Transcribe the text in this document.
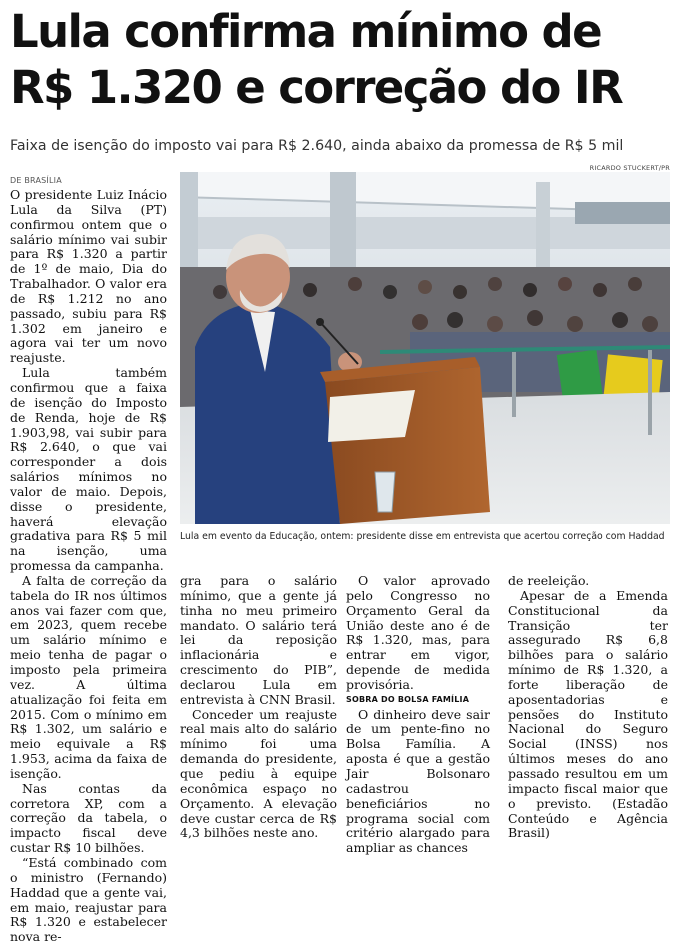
Lula confirma mínimo de
R$ 1.320 e correção do IR
Faixa de isenção do imposto vai para R$ 2.640, ainda abaixo da promessa de R$ 5 mil
DE BRASÍLIA
RICARDO STUCKERT/PR
Lula em evento da Educação, ontem: presidente disse em entrevista que acertou correção com Haddad

O presidente Luiz Inácio Lula da Silva (PT) confirmou ontem que o salário mínimo vai subir para R$ 1.320 a partir de 1º de maio, Dia do Trabalhador. O valor era de R$ 1.212 no ano passado, subiu para R$ 1.302 em janeiro e agora vai ter um novo reajuste.

Lula também confirmou que a faixa de isenção do Imposto de Renda, hoje de R$ 1.903,98, vai subir para R$ 2.640, o que vai corresponder a dois salários mínimos no valor de maio. Depois, disse o presidente, haverá elevação gradativa para R$ 5 mil na isenção, uma promessa da campanha.

A falta de correção da tabela do IR nos últimos anos vai fazer com que, em 2023, quem recebe um salário mínimo e meio tenha de pagar o imposto pela primeira vez. A última atualização foi feita em 2015. Com o mínimo em R$ 1.302, um salário e meio equivale a R$ 1.953, acima da faixa de isenção.

Nas contas da corretora XP, com a correção da tabela, o impacto fiscal deve custar R$ 10 bilhões.

“Está combinado com o ministro (Fernando) Haddad que a gente vai, em maio, reajustar para R$ 1.320 e estabelecer nova re-

gra para o salário mínimo, que a gente já tinha no meu primeiro mandato. O salário terá lei da reposição inflacionária e crescimento do PIB”, declarou Lula em entrevista à CNN Brasil.

Conceder um reajuste real mais alto do salário mínimo foi uma demanda do presidente, que pediu à equipe econômica espaço no Orçamento. A elevação deve custar cerca de R$ 4,3 bilhões neste ano.

O valor aprovado pelo Congresso no Orçamento Geral da União deste ano é de R$ 1.320, mas, para entrar em vigor, depende de medida provisória.

SOBRA DO BOLSA FAMÍLIA

O dinheiro deve sair de um pente-fino no Bolsa Família. A aposta é que a gestão Jair Bolsonaro cadastrou beneficiários no programa social com critério alargado para ampliar as chances

de reeleição.

Apesar de a Emenda Constitucional da Transição ter assegurado R$ 6,8 bilhões para o salário mínimo de R$ 1.320, a forte liberação de aposentadorias e pensões do Instituto Nacional do Seguro Social (INSS) nos últimos meses do ano passado resultou em um impacto fiscal maior que o previsto. (Estadão Conteúdo e Agência Brasil)
